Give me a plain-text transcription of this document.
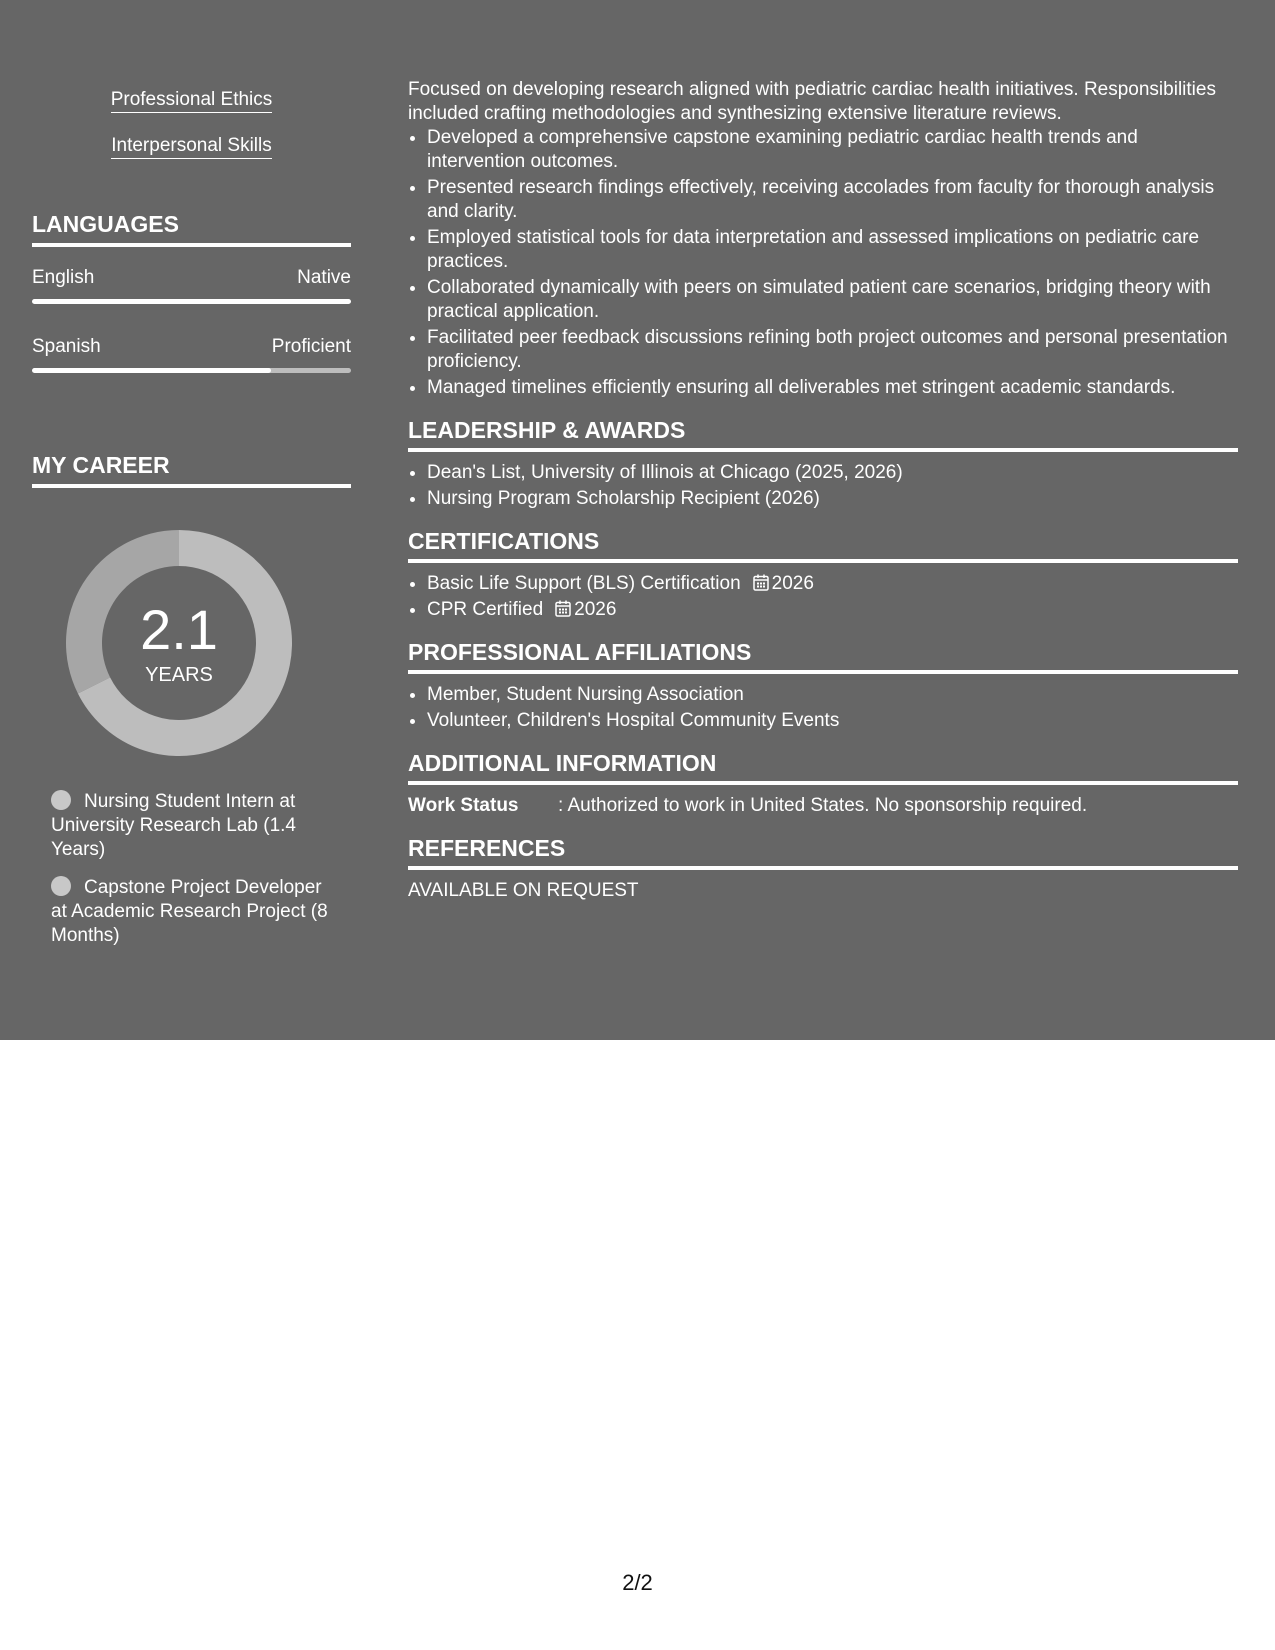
Professional Ethics
Interpersonal Skills
LANGUAGES
English	Native
Spanish	Proficient
MY CAREER
2.1
YEARS
Nursing Student Intern at University Research Lab (1.4 Years)
Capstone Project Developer at Academic Research Project (8 Months)

Focused on developing research aligned with pediatric cardiac health initiatives. Responsibilities included crafting methodologies and synthesizing extensive literature reviews.

• Developed a comprehensive capstone examining pediatric cardiac health trends and intervention outcomes.
• Presented research findings effectively, receiving accolades from faculty for thorough analysis and clarity.
• Employed statistical tools for data interpretation and assessed implications on pediatric care practices.
• Collaborated dynamically with peers on simulated patient care scenarios, bridging theory with practical application.
• Facilitated peer feedback discussions refining both project outcomes and personal presentation proficiency.
• Managed timelines efficiently ensuring all deliverables met stringent academic standards.
LEADERSHIP & AWARDS
• Dean's List, University of Illinois at Chicago (2025, 2026)
• Nursing Program Scholarship Recipient (2026)
CERTIFICATIONS
• Basic Life Support (BLS) Certification 2026
• CPR Certified 2026
PROFESSIONAL AFFILIATIONS
• Member, Student Nursing Association
• Volunteer, Children's Hospital Community Events
ADDITIONAL INFORMATION
Work Status	: Authorized to work in United States. No sponsorship required.
REFERENCES

AVAILABLE ON REQUEST

2/2
